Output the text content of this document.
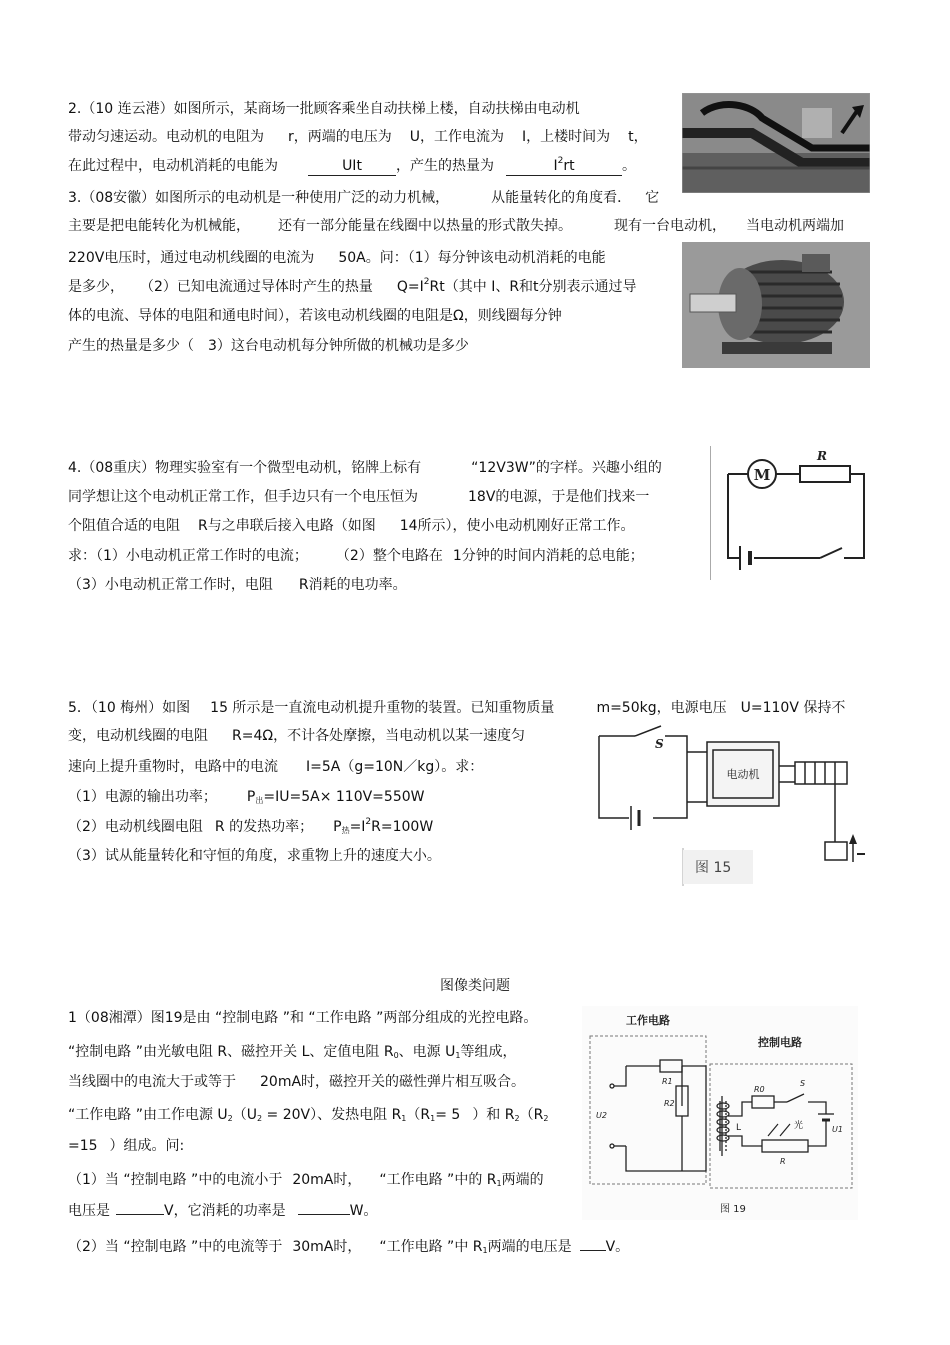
2.（10 连云港）如图所示，某商场一批顾客乘坐自动扶梯上楼，自动扶梯由电动机
带动匀速运动。电动机的电阻为 r，两端的电压为 U，工作电流为 I，上楼时间为 t，
在此过程中，电动机消耗的电能为	UIt ，产生的热量为	$I^2rt$	。
3.（08安徽）如图所示的电动机是一种使用广泛的动力机械，	从能量转化的角度看． 它
主要是把电能转化为机械能， 还有一部分能量在线圈中以热量的形式散失掉。	现有一台电动机， 当电动机两端加
220V电压时，通过电动机线圈的电流为 50A。问：（1）每分钟该电动机消耗的电能
是多少， （2）已知电流通过导体时产生的热量 $Q=I^2Rt$（其中 I、R和t分别表示通过导
体的电流、导体的电阻和通电时间），若该电动机线圈的电阻是Ω，则线圈每分钟
产生的热量是多少（ 3）这台电动机每分钟所做的机械功是多少
4.（08重庆）物理实验室有一个微型电动机，铭牌上标有	“12V3W”的字样。兴趣小组的
同学想让这个电动机正常工作，但手边只有一个电压恒为	18V的电源，于是他们找来一
个阻值合适的电阻 R与之串联后接入电路（如图 14所示），使小电动机刚好正常工作。
求：（1）小电动机正常工作时的电流； （2）整个电路在 1分钟的时间内消耗的总电能；
（3）小电动机正常工作时，电阻 R消耗的电功率。
M
R
5．（10 梅州）如图 15 所示是一直流电动机提升重物的装置。已知重物质量	m=50kg，电源电压 U=110V 保持不
变，电动机线圈的电阻 R=4Ω，不计各处摩擦，当电动机以某一速度匀
速向上提升重物时，电路中的电流 I=5A（g=10N／kg）。求：
（1）电源的输出功率； $P_出=IU=5A\times 110V=550W$
（2）电动机线圈电阻 R 的发热功率； $P_热=I^2R=100W$
（3）试从能量转化和守恒的角度，求重物上升的速度大小。
S
电动机
图 15
图像类问题
1（08湘潭）图19是由 “控制电路 ”和 “工作电路 ”两部分组成的光控电路。
“控制电路 ”由光敏电阻 R、磁控开关 L、定值电阻 $R_0$、电源 $U_1$等组成，
当线圈中的电流大于或等于 20mA时，磁控开关的磁性弹片相互吸合。
“工作电路 ”由工作电源 $U_2(U_2 = 20V)$、发热电阻 $R_1(R_1= 5$ ）和 $R_2(R_2$
=15 ）组成。问:
（1）当 “控制电路 ”中的电流小于 20mA时， “工作电路 ”中的 $R_1$两端的
电压是	V，它消耗的功率是	W。
（2）当 “控制电路 ”中的电流等于 30mA时， “工作电路 ”中 $R_1$两端的电压是 V。
工作电路
控制电路
R1
R2
U2
L
R0
S
U1
光
R
图 19
